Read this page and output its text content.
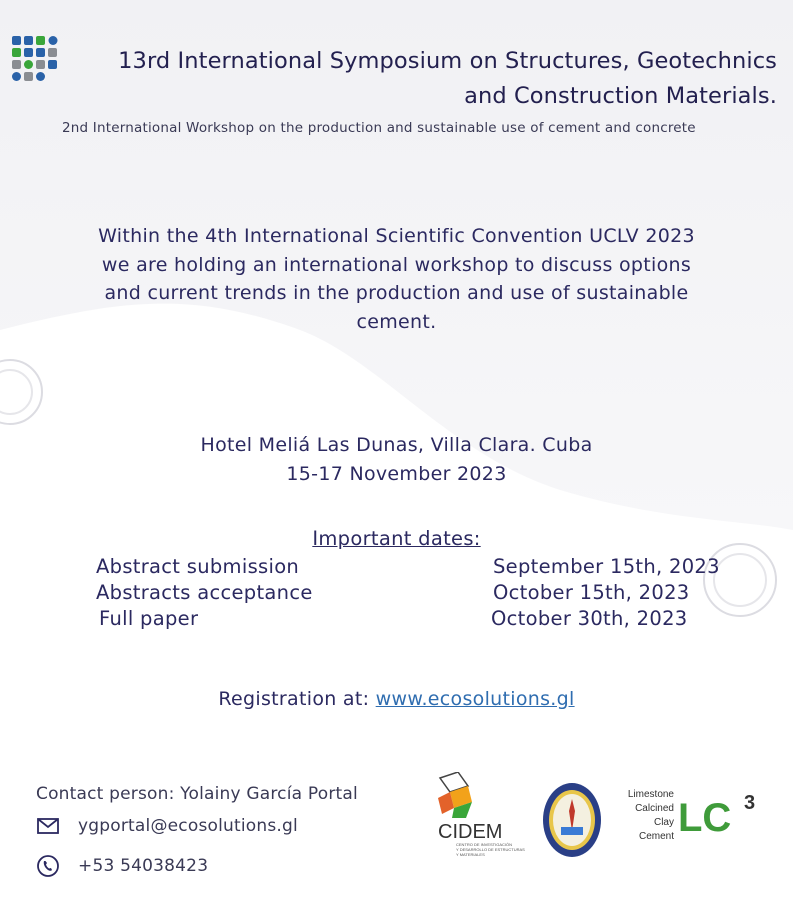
13rd International Symposium on Structures, Geotechnics
and Construction Materials.
2nd International Workshop on the production and sustainable use of cement and concrete
Within the 4th International Scientific Convention UCLV 2023
we are holding an international workshop to discuss options
and current trends in the production and use of sustainable
cement.
Hotel Meliá Las Dunas, Villa Clara. Cuba
15-17 November 2023
Important dates:
Abstract submission	September 15th, 2023
Abstracts acceptance	October 15th, 2023
Full paper	October 30th, 2023
Registration at: www.ecosolutions.gl
Contact person: Yolainy García Portal
ygportal@ecosolutions.gl
+53 54038423
CIDEM
CENTRO DE INVESTIGACIÓN
Y DESARROLLO DE ESTRUCTURAS
Y MATERIALES
Limestone
Calcined
Clay
Cement LC 3
